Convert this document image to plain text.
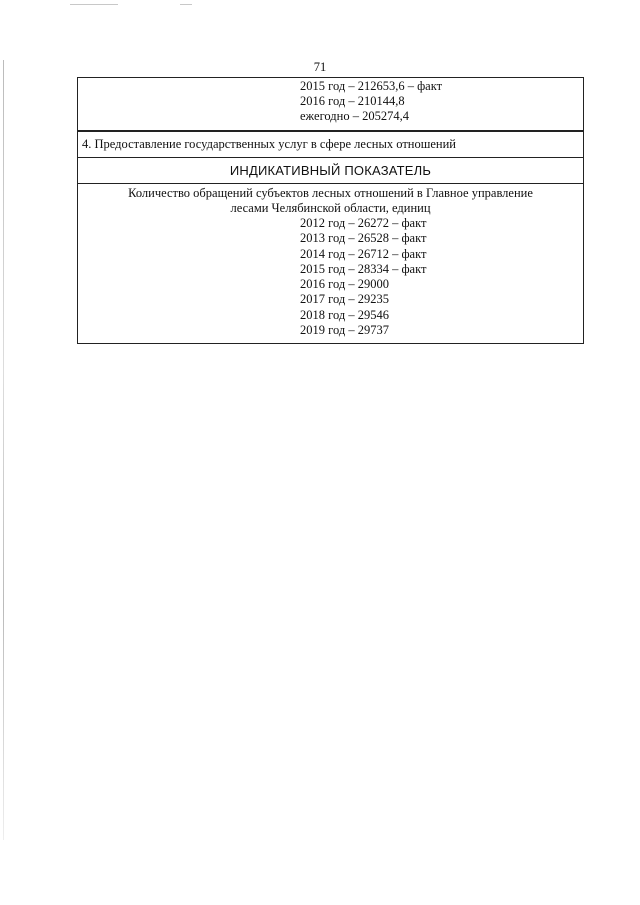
71
2015 год – 212653,6 – факт
2016 год – 210144,8
ежегодно – 205274,4
4. Предоставление государственных услуг в сфере лесных отношений
ИНДИКАТИВНЫЙ ПОКАЗАТЕЛЬ
Количество обращений субъектов лесных отношений в Главное управление
лесами Челябинской области, единиц
2012 год – 26272 – факт
2013 год – 26528 – факт
2014 год – 26712 – факт
2015 год – 28334 – факт
2016 год – 29000
2017 год – 29235
2018 год – 29546
2019 год – 29737
